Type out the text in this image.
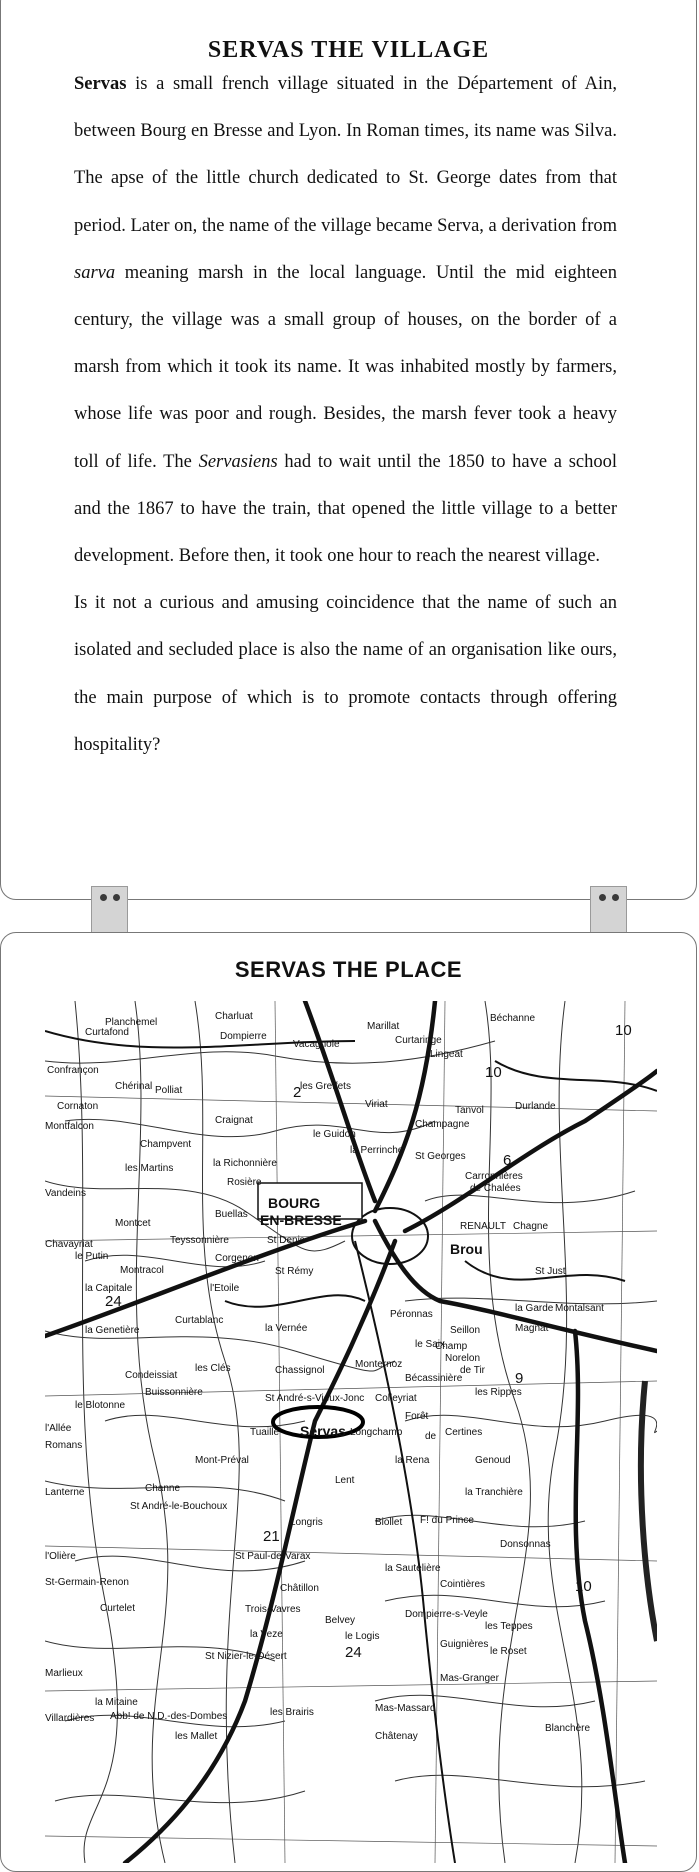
SERVAS THE VILLAGE

Servas is a small french village situated in the Département of Ain, between Bourg en Bresse and Lyon. In Roman times, its name was Silva. The apse of the little church dedicated to St. George dates from that period. Later on, the name of the village became Serva, a derivation from sarva meaning marsh in the local language. Until the mid eighteen century, the village was a small group of houses, on the border of a marsh from which it took its name. It was inhabited mostly by farmers, whose life was poor and rough. Besides, the marsh fever took a heavy toll of life. The Servasiens had to wait until the 1850 to have a school and the 1867 to have the train, that opened the little village to a better development. Before then, it took one hour to reach the nearest village.

Is it not a curious and amusing coincidence that the name of such an isolated and secluded place is also the name of an organisation like ours, the main purpose of which is to promote contacts through offering hospitality?

SERVAS THE PLACE
Charluat	Béchanne
Curtafond
Planchemel
Dompierre
Vacagnole
Marillat
Curtaringe
Lingeat
Confrançon
Chérinal Polliat
Cornaton
les Greffets
Viriat
Tanvol	Durlande
Montfalcon
Champvent
Craignat
le Guidon
Champagne
la Perrinche
St Georges
les Martins	la Richonnière
Carronnières
de Chalées
Vandeins
Rosière
Buellas
BOURG
EN-BRESSE
Montcet
Chavayriat
le Putin
Teyssonnière	St Denis
RENAULT Chagne
Brou
Montracol
Corgenon
St Rémy	St Just
la Capitale	l'Etoile
24
Curtablanc
Péronnas
la Garde Montalsant
la Genetière	la Vernée	Seillon
le Saix
Magnat
Norelon
de Tir
Champ
Condeissiat
les Clés	Chassignol
Monternoz
Bécassinière
les Rippes
Buissonnière
le Blotonne
St André-s-Vieux-Jonc Colleyriat
Forêt
de
l'Allée
Romans
Tuaille Servas Longchamp	Certines
la Rena	Genoud
Mont-Préval
Lent
la Tranchière
Lanterne	Channe
St André-le-Bouchoux
Longris	Biollet F! du Prince
Donsonnas
l'Olière	St Paul-de-Varax
la Sautelière
Cointières
St-Germain-Renon
Châtillon
Curtelet	Trois-Vavres
Belvey
Dompierre-s-Veyle
les Teppes
la Veze	le Logis
Guignières
le Roset
Marlieux
St Nizier-le-Désert	24
Mas-Granger
la Mitaine
Abb! de N.D.-des-Dombes	les Brairis	Mas-Massard
Villardières
les Mallet	Châtenay
Blanchère
10
10
6
9
21
10
2
